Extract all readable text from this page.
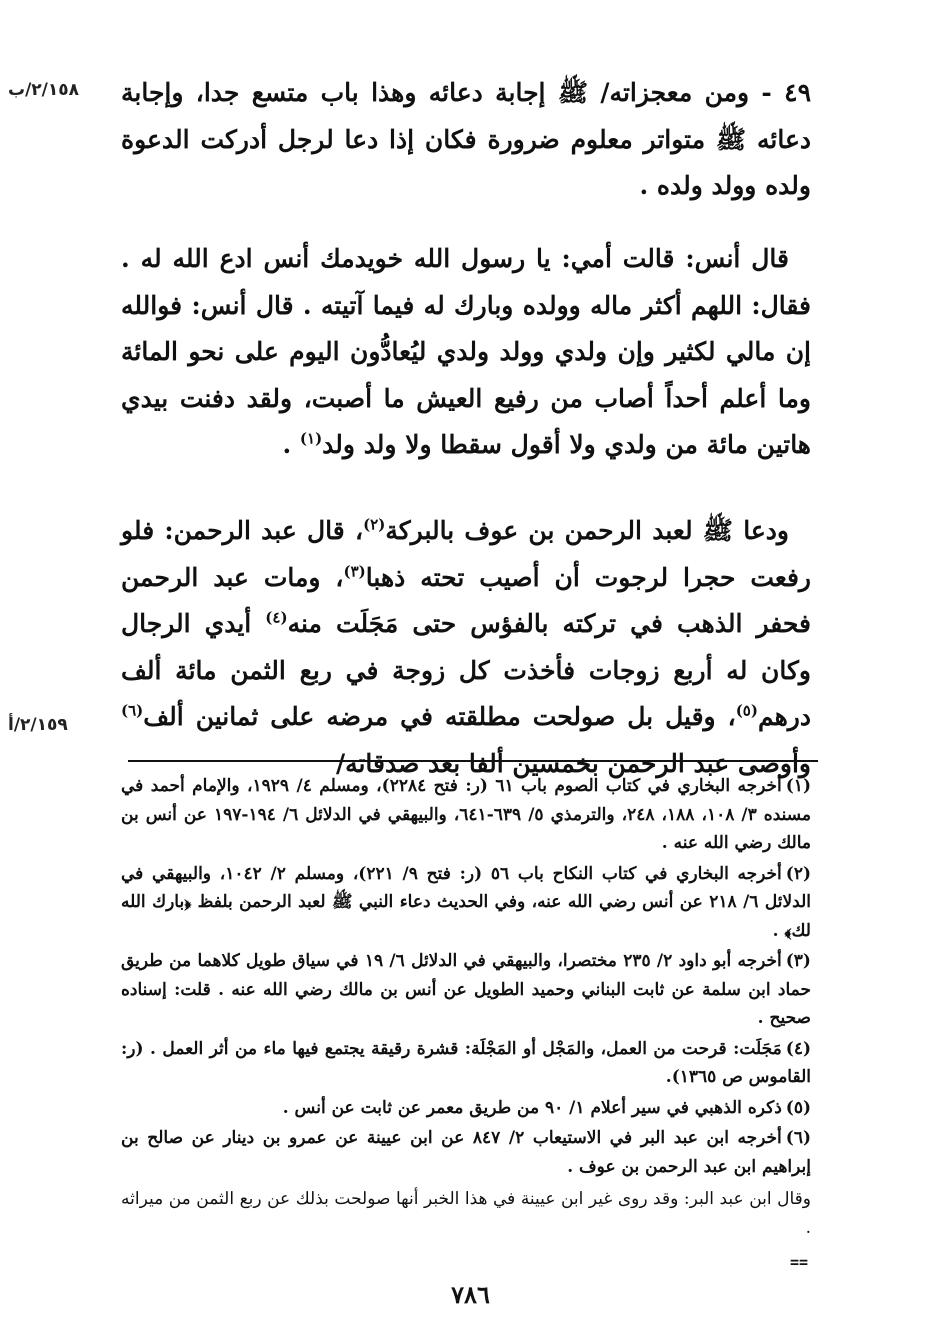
٢/١٥٨/ب
٢/١٥٩/أ

٤٩ - ومن معجزاته/ ﷺ إجابة دعائه وهذا باب متسع جدا، وإجابة دعائه ﷺ متواتر معلوم ضرورة فكان إذا دعا لرجل أدركت الدعوة ولده وولد ولده .

قال أنس: قالت أمي: يا رسول الله خويدمك أنس ادع الله له . فقال: اللهم أكثر ماله وولده وبارك له فيما آتيته . قال أنس: فوالله إن مالي لكثير وإن ولدي وولد ولدي ليُعادُّون اليوم على نحو المائة وما أعلم أحداً أصاب من رفيع العيش ما أصبت، ولقد دفنت بيدي هاتين مائة من ولدي ولا أقول سقطا ولا ولد ولد$^{(١)}$ .

ودعا ﷺ لعبد الرحمن بن عوف بالبركة$^{(٢)}$، قال عبد الرحمن: فلو رفعت حجرا لرجوت أن أصيب تحته ذهبا$^{(٣)}$، ومات عبد الرحمن فحفر الذهب في تركته بالفؤس حتى مَجَلَت منه$^{(٤)}$ أيدي الرجال وكان له أربع زوجات فأخذت كل زوجة في ربع الثمن مائة ألف درهم$^{(٥)}$، وقيل بل صولحت مطلقته في مرضه على ثمانين ألف$^{(٦)}$ وأوصى عبد الرحمن بخمسين ألفا بعد صدقاته/

(١)أخرجه البخاري في كتاب الصوم باب ٦١ (ر: فتح ٢٢٨٤)، ومسلم ٤/ ١٩٢٩، والإمام أحمد في مسنده ٣/ ١٠٨، ١٨٨، ٢٤٨، والترمذي ٥/ ٦٣٩-٦٤١، والبيهقي في الدلائل ٦/ ١٩٤-١٩٧ عن أنس بن مالك رضي الله عنه .

(٢)أخرجه البخاري في كتاب النكاح باب ٥٦ (ر: فتح ٩/ ٢٢١)، ومسلم ٢/ ١٠٤٢، والبيهقي في الدلائل ٦/ ٢١٨ عن أنس رضي الله عنه، وفي الحديث دعاء النبي ﷺ لعبد الرحمن بلفظ ﴿بارك الله لك﴾ .

(٣)أخرجه أبو داود ٢/ ٢٣٥ مختصرا، والبيهقي في الدلائل ٦/ ١٩ في سياق طويل كلاهما من طريق حماد ابن سلمة عن ثابت البناني وحميد الطويل عن أنس بن مالك رضي الله عنه . قلت: إسناده صحيح .

(٤)مَجَلَت: قرحت من العمل، والمَجْل أو المَجْلَة: قشرة رقيقة يجتمع فيها ماء من أثر العمل . (ر: القاموس ص ١٣٦٥).

(٥)ذكره الذهبي في سير أعلام ١/ ٩٠ من طريق معمر عن ثابت عن أنس .

(٦)أخرجه ابن عبد البر في الاستيعاب ٢/ ٨٤٧ عن ابن عيينة عن عمرو بن دينار عن صالح بن إبراهيم ابن عبد الرحمن بن عوف .

وقال ابن عبد البر: وقد روى غير ابن عيينة في هذا الخبر أنها صولحت بذلك عن ربع الثمن من ميراثه .

==
٧٨٦
